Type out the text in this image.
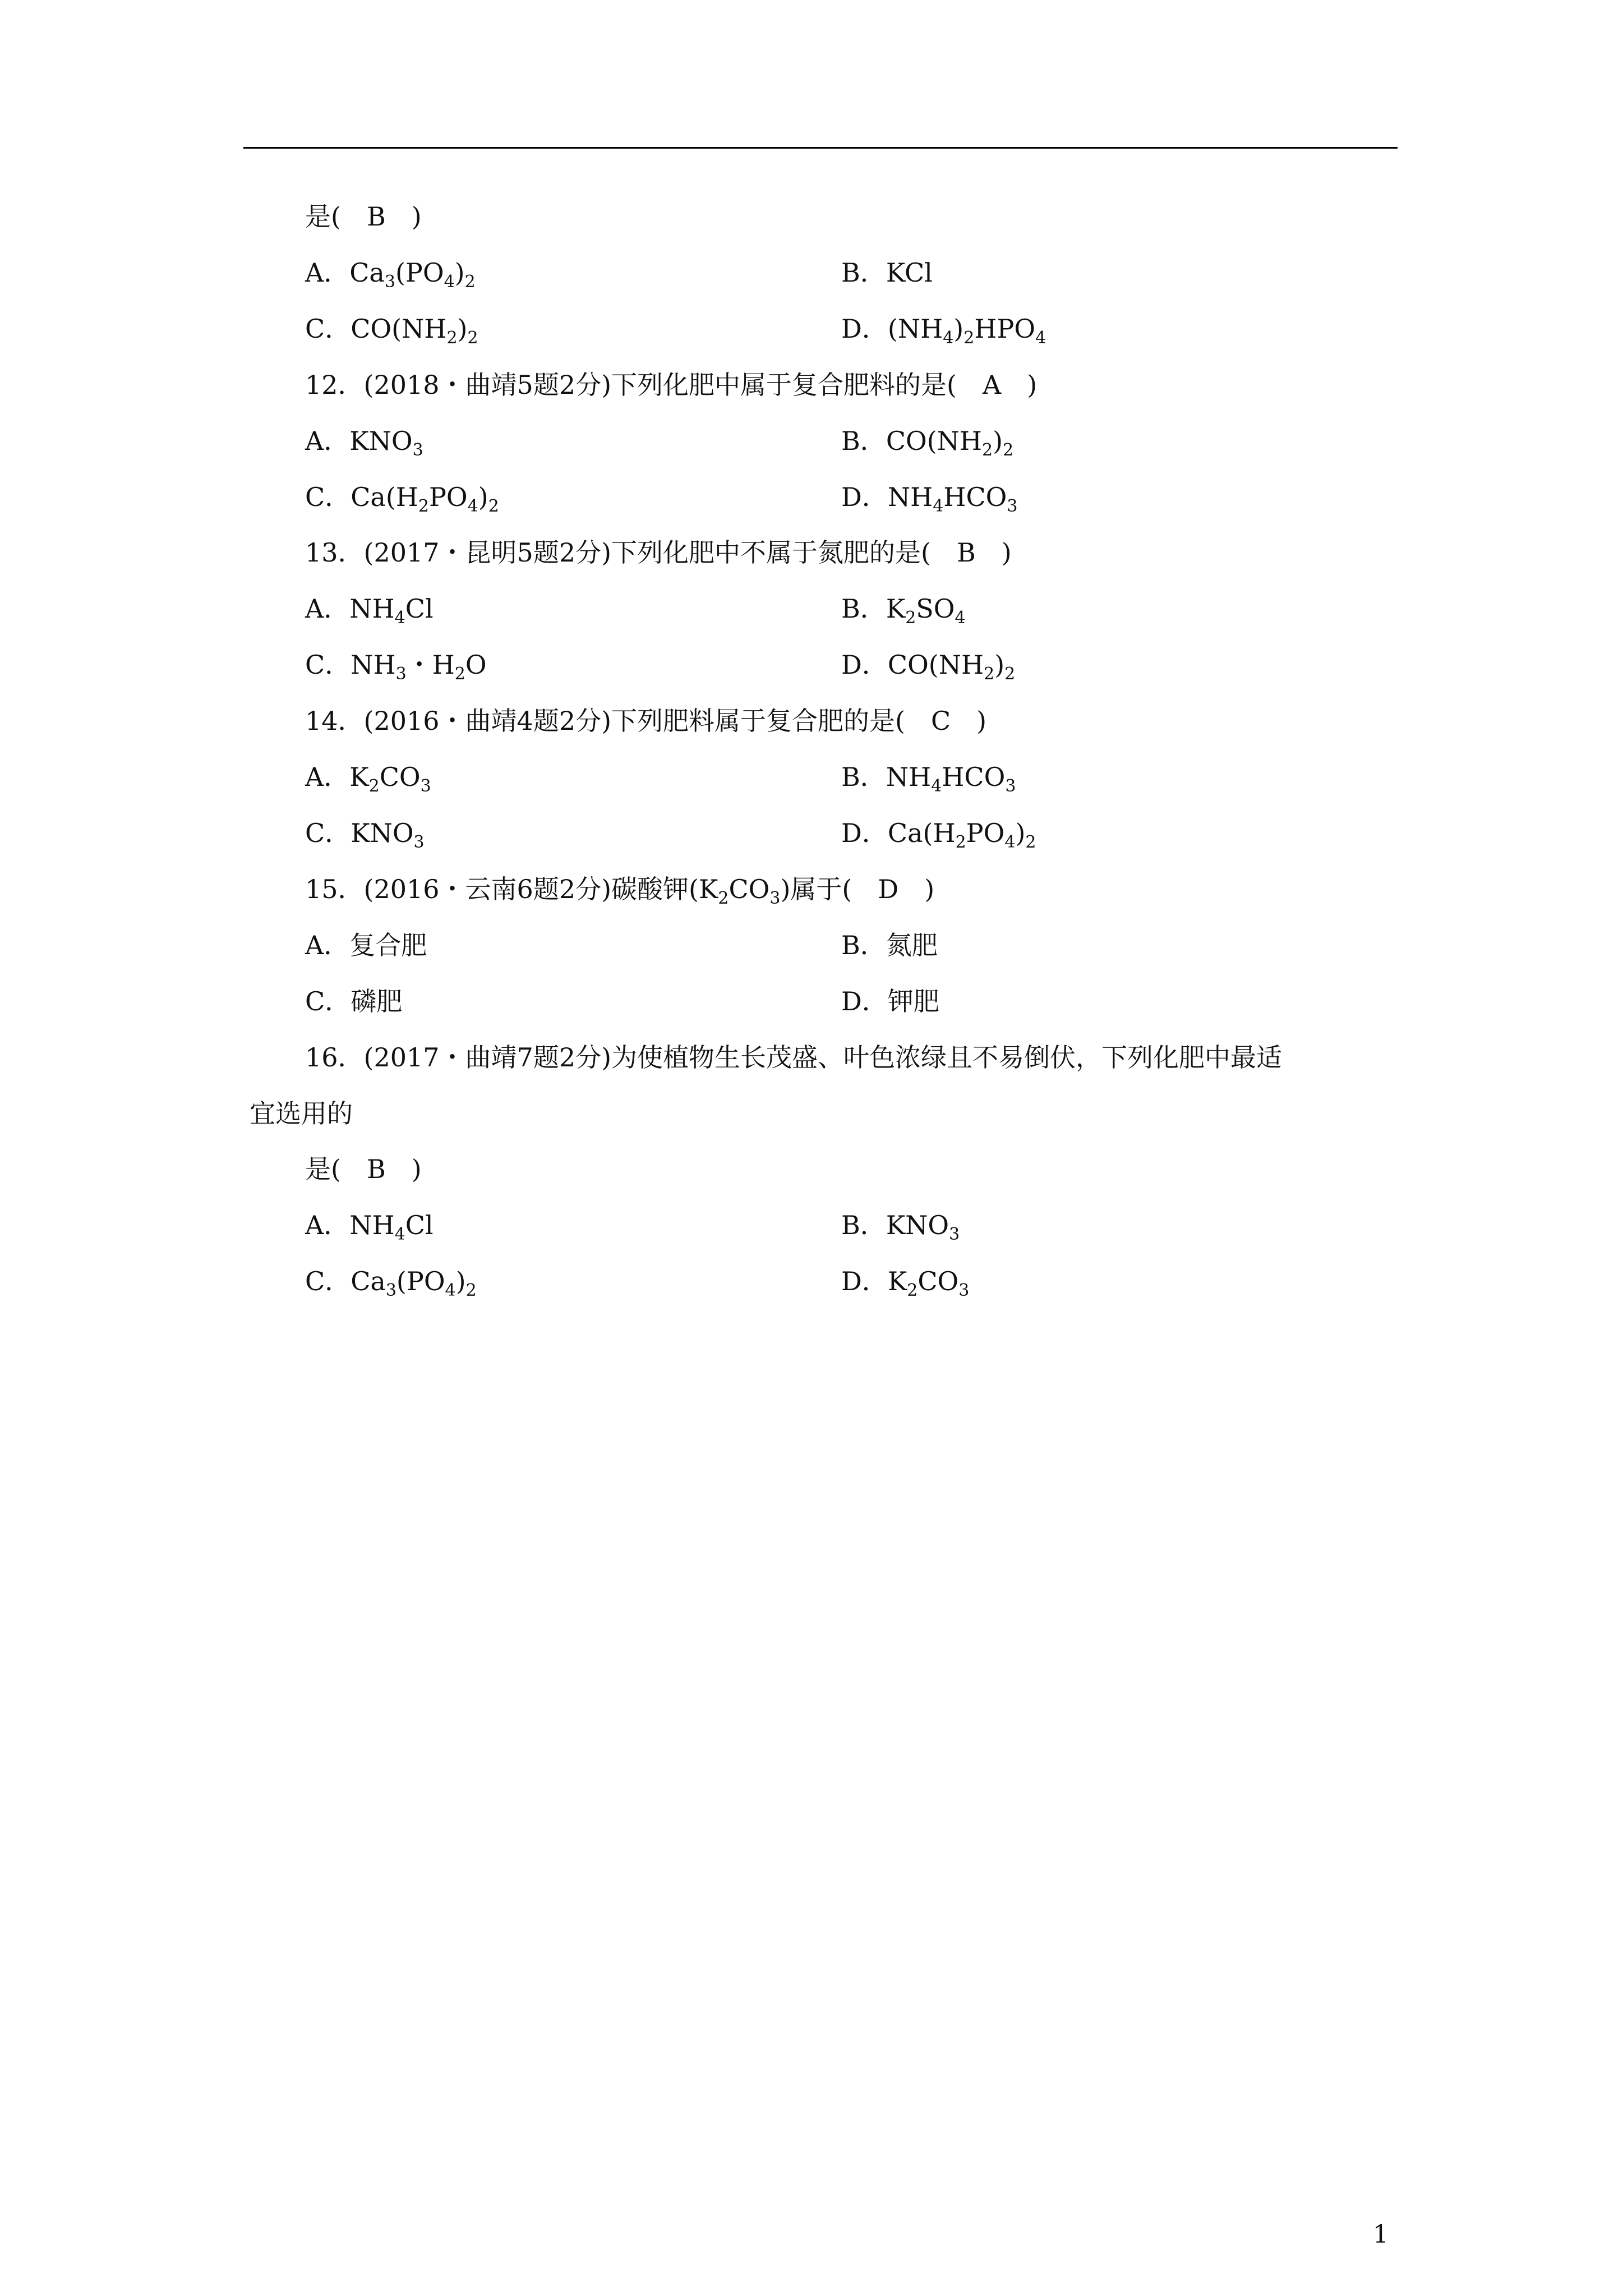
是(　B　)
A．$Ca_3(PO_4)_2$	B．KCl
C．$CO(NH_2)_2$	D．$(NH_4)_2HPO_4$
12．(2018・曲靖5题2分)下列化肥中属于复合肥料的是(　A　)
A．$KNO_3$	B．$CO(NH_2)_2$
C．$Ca(H_2PO_4)_2$	D．$NH_4HCO_3$
13．(2017・昆明5题2分)下列化肥中不属于氮肥的是(　B　)
A．$NH_4Cl$	B．$K_2SO_4$
C．$NH_3$・$H_2O$	D．$CO(NH_2)_2$
14．(2016・曲靖4题2分)下列肥料属于复合肥的是(　C　)
A．$K_2CO_3$	B．$NH_4HCO_3$
C．$KNO_3$	D．$Ca(H_2PO_4)_2$
15．(2016・云南6题2分)碳酸钾$(K_2CO_3)$属于(　D　)
A．复合肥	B．氮肥
C．磷肥	D．钾肥
16．(2017・曲靖7题2分)为使植物生长茂盛、叶色浓绿且不易倒伏，下列化肥中最适
宜选用的
是(　B　)
A．$NH_4Cl$	B．$KNO_3$
C．$Ca_3(PO_4)_2$	D．$K_2CO_3$
1
